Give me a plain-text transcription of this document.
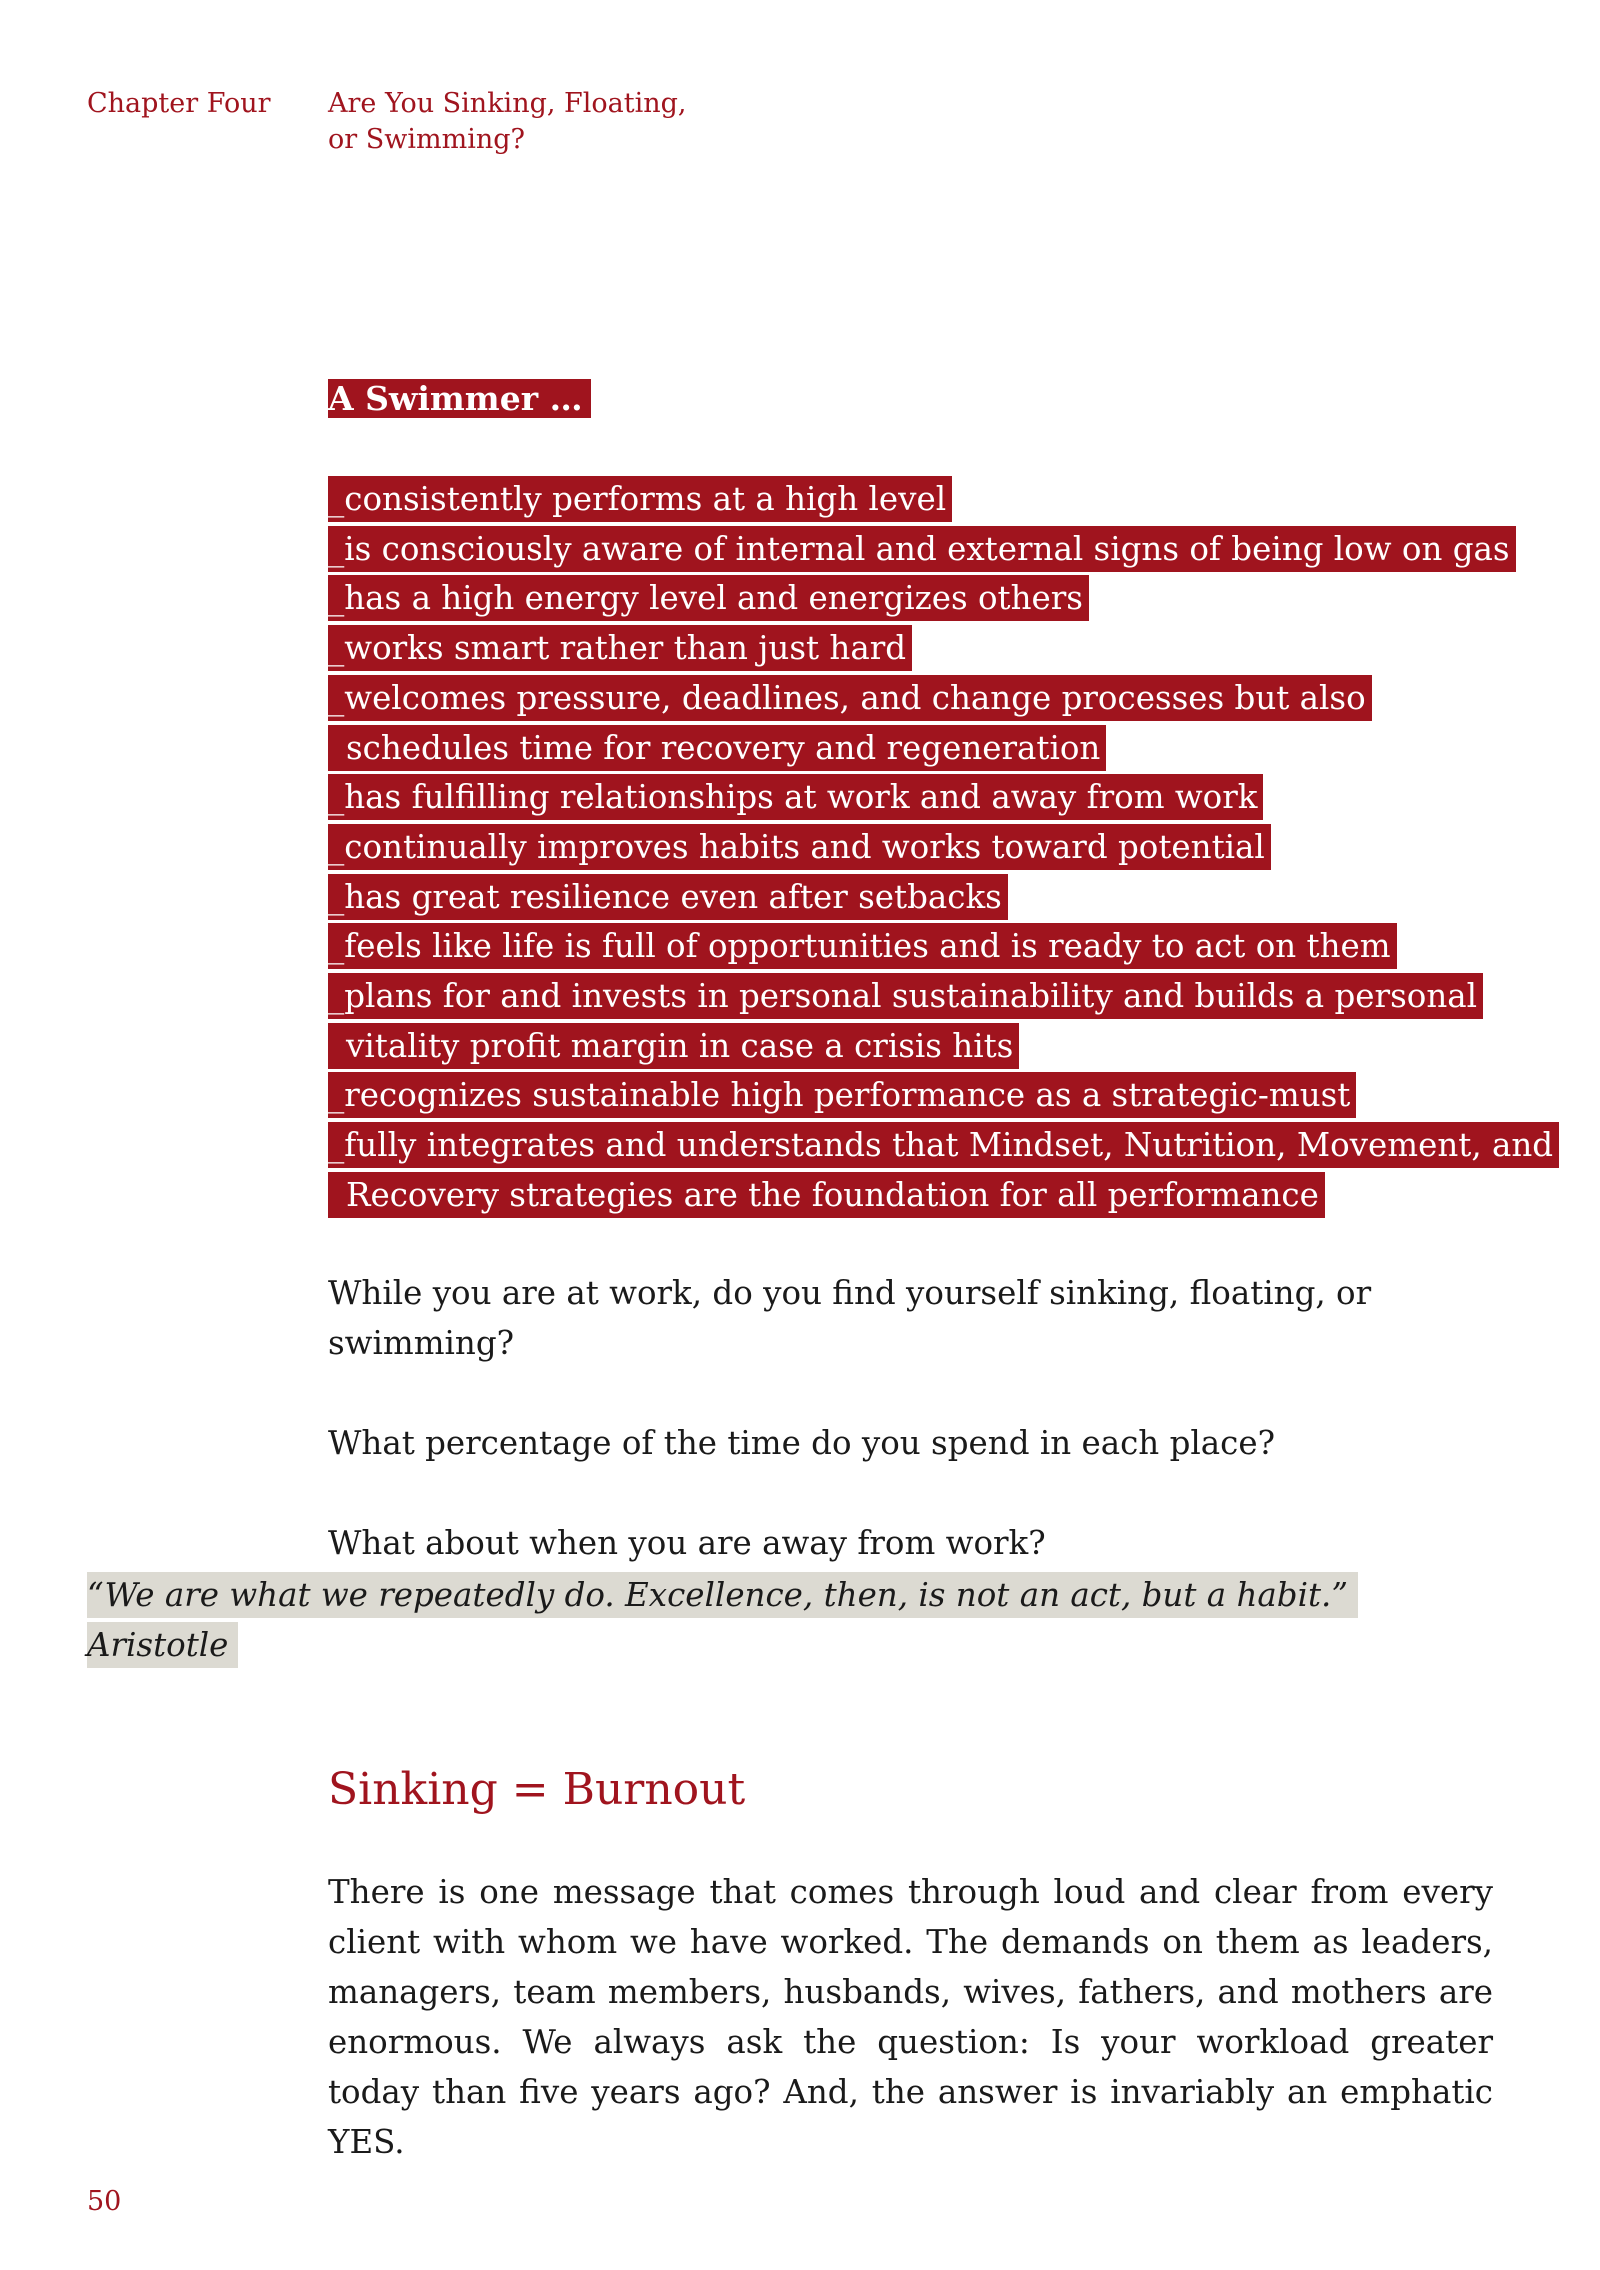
Chapter Four Are You Sinking, Floating,
or Swimming?
A Swimmer …
_consistently performs at a high level
_is consciously aware of internal and external signs of being low on gas
_has a high energy level and energizes others
_works smart rather than just hard
_welcomes pressure, deadlines, and change processes but also
schedules time for recovery and regeneration
_has fulfilling relationships at work and away from work
_continually improves habits and works toward potential
_has great resilience even after setbacks
_feels like life is full of opportunities and is ready to act on them
_plans for and invests in personal sustainability and builds a personal
vitality profit margin in case a crisis hits
_recognizes sustainable high performance as a strategic-must
_fully integrates and understands that Mindset, Nutrition, Movement, and
Recovery strategies are the foundation for all performance

While you are at work, do you find yourself sinking, floating, or swimming?

What percentage of the time do you spend in each place?

What about when you are away from work?

“We are what we repeatedly do. Excellence, then, is not an act, but a habit.”
Aristotle
Sinking = Burnout

There is one message that comes through loud and clear from every client with whom we have worked. The demands on them as leaders, managers, team members, husbands, wives, fathers, and mothers are enormous. We always ask the question: Is your workload greater today than five years ago? And, the answer is invariably an emphatic YES.

50
